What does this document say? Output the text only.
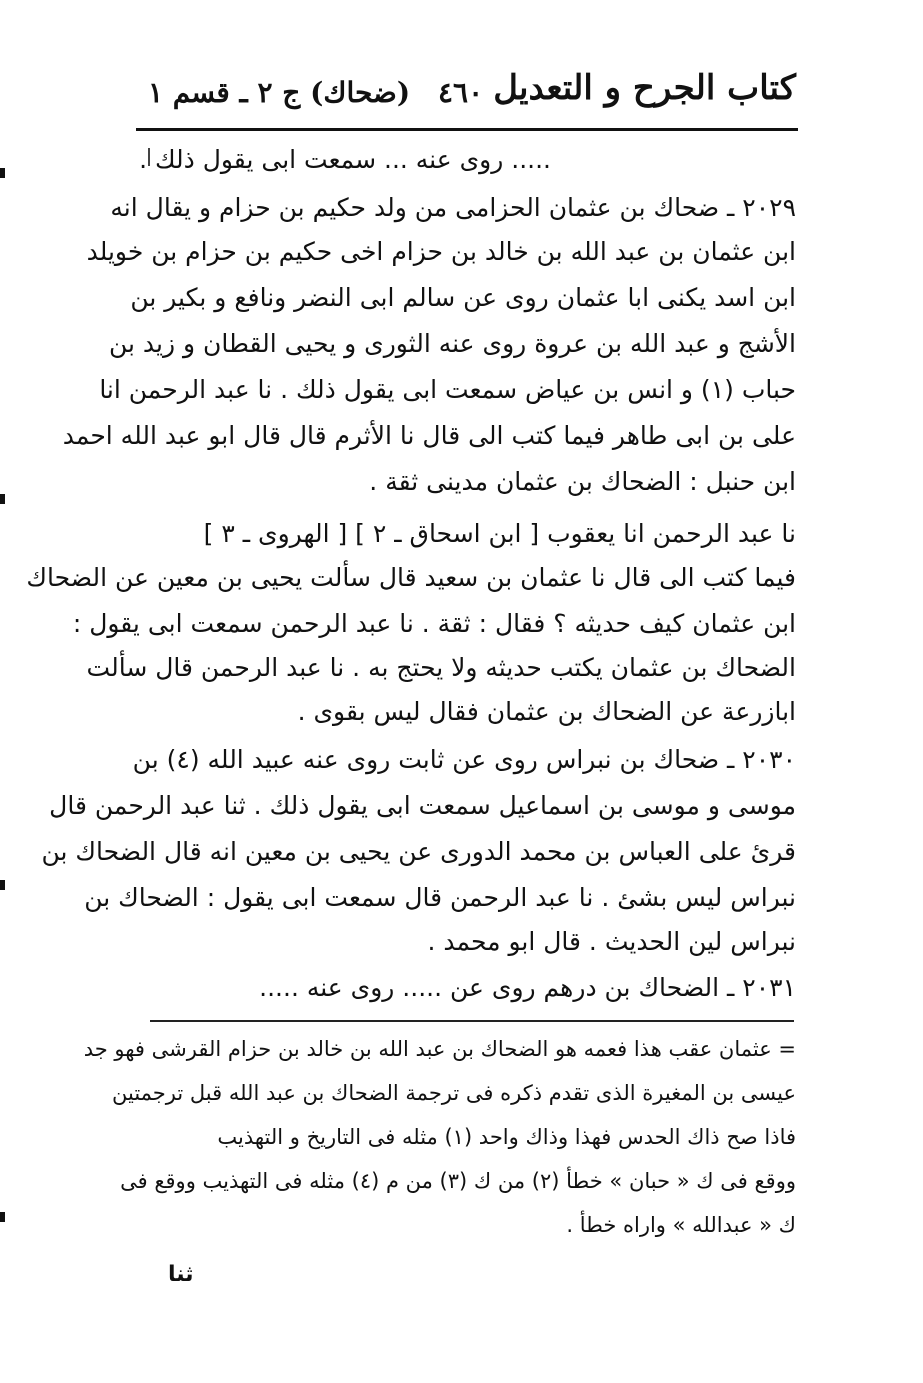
كتاب الجرح و التعديل
٤٦٠
(ضحاك) ج ٢ ـ قسم ١
..... روى عنه ... سمعت ابى يقول ذلك .
٢٠٢٩ ـ ضحاك بن عثمان الحزامى من ولد حكيم بن حزام و يقال انه
ابن عثمان بن عبد الله بن خالد بن حزام اخى حكيم بن حزام بن خويلد
ابن اسد يكنى ابا عثمان روى عن سالم ابى النضر ونافع و بكير بن
الأشج و عبد الله بن عروة روى عنه الثورى و يحيى القطان و زيد بن
حباب (١) و انس بن عياض سمعت ابى يقول ذلك . نا عبد الرحمن انا
على بن ابى طاهر فيما كتب الى قال نا الأثرم قال قال ابو عبد الله احمد
ابن حنبل : الضحاك بن عثمان مدينى ثقة .
نا عبد الرحمن انا يعقوب [ ابن اسحاق ـ ٢ ] [ الهروى ـ ٣ ]
فيما كتب الى قال نا عثمان بن سعيد قال سألت يحيى بن معين عن الضحاك
ابن عثمان كيف حديثه ؟ فقال : ثقة . نا عبد الرحمن سمعت ابى يقول :
الضحاك بن عثمان يكتب حديثه ولا يحتج به . نا عبد الرحمن قال سألت
ابازرعة عن الضحاك بن عثمان فقال ليس بقوى .
٢٠٣٠ ـ ضحاك بن نبراس روى عن ثابت روى عنه عبيد الله (٤) بن
موسى و موسى بن اسماعيل سمعت ابى يقول ذلك . ثنا عبد الرحمن قال
قرئ على العباس بن محمد الدورى عن يحيى بن معين انه قال الضحاك بن
نبراس ليس بشئ . نا عبد الرحمن قال سمعت ابى يقول : الضحاك بن
نبراس لين الحديث . قال ابو محمد .
٢٠٣١ ـ الضحاك بن درهم روى عن ..... روى عنه .....
= عثمان عقب هذا فعمه هو الضحاك بن عبد الله بن خالد بن حزام القرشى فهو جد
عيسى بن المغيرة الذى تقدم ذكره فى ترجمة الضحاك بن عبد الله قبل ترجمتين
فاذا صح ذاك الحدس فهذا وذاك واحد (١) مثله فى التاريخ و التهذيب
ووقع فى ك « حبان » خطأ (٢) من ك (٣) من م (٤) مثله فى التهذيب ووقع فى
ك « عبدالله » واراه خطأ .
ثنا
